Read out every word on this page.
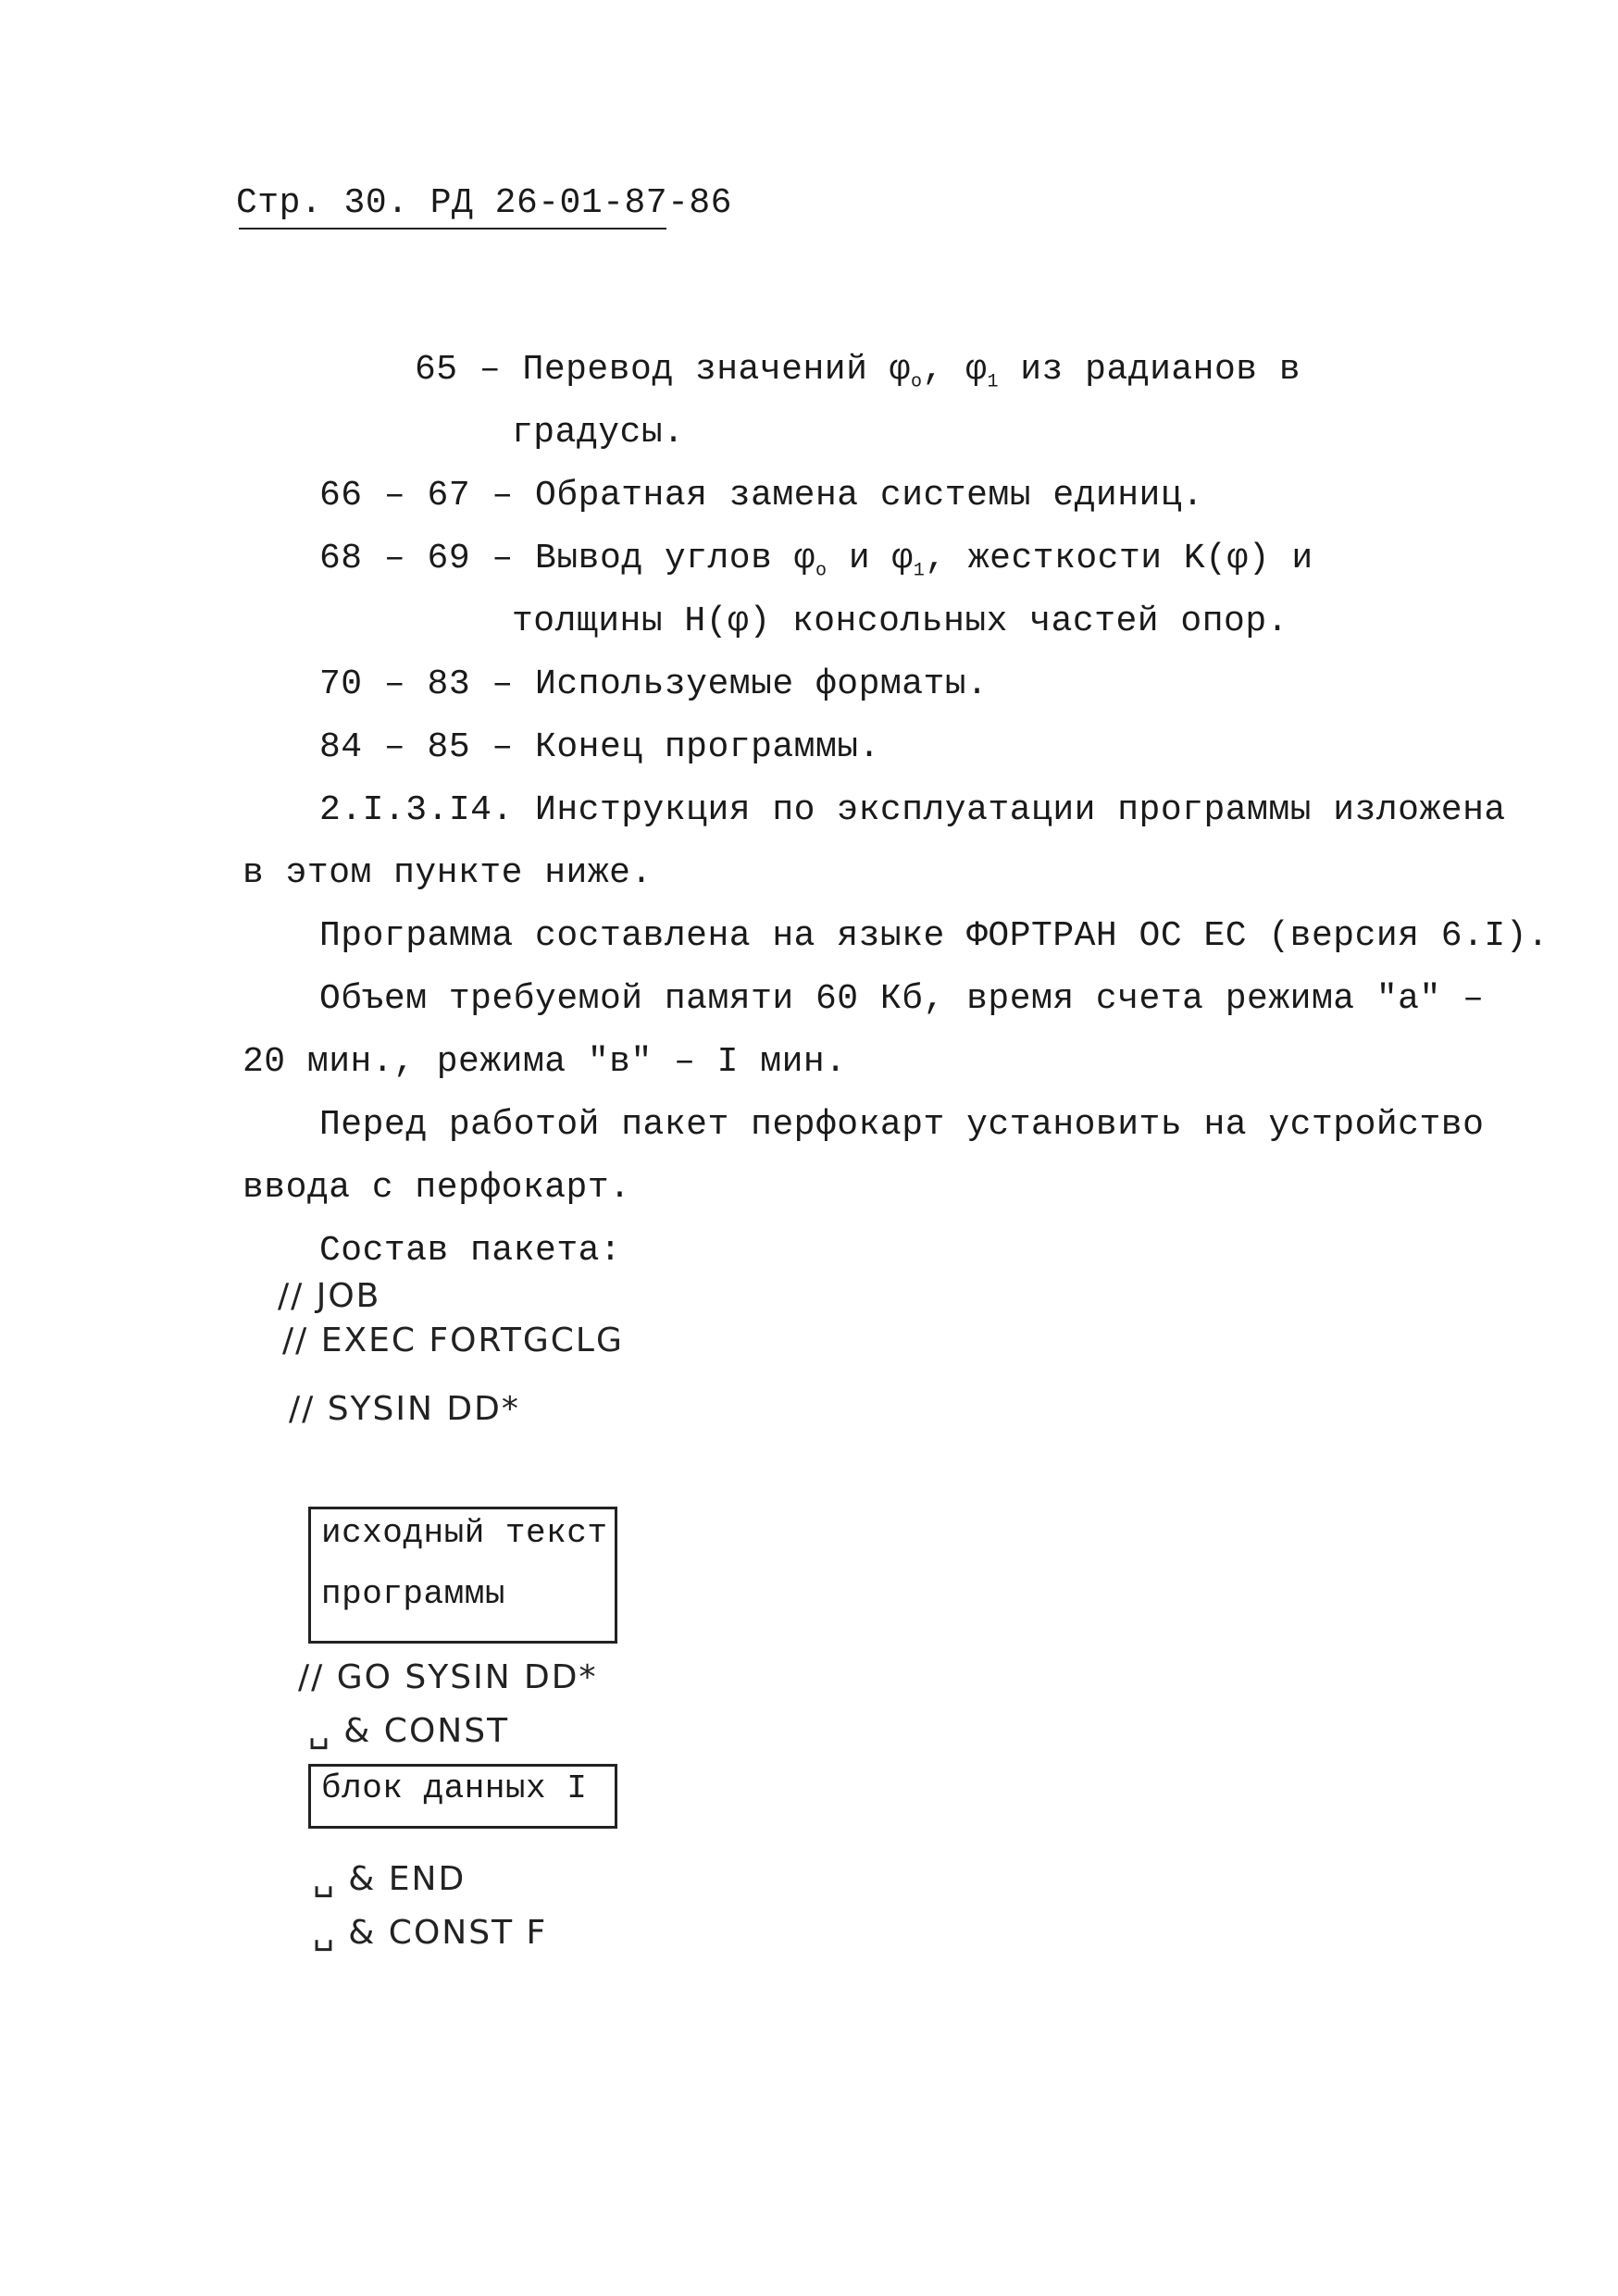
Стр. 30. РД 26-01-87-86
65 – Перевод значений $\varphi_o$, $\varphi_1$ из радианов в
градусы.
66 – 67 – Обратная замена системы единиц.
68 – 69 – Вывод углов $\varphi_o$ и $\varphi_1$, жесткости K(φ) и
толщины H(φ) консольных частей опор.
70 – 83 – Используемые форматы.
84 – 85 – Конец программы.
2.I.3.I4. Инструкция по эксплуатации программы изложена
в этом пункте ниже.
Программа составлена на языке ФОРТРАН ОС ЕС (версия 6.I).
Объем требуемой памяти 60 Кб, время счета режима "а" –
20 мин., режима "в" – I мин.
Перед работой пакет перфокарт установить на устройство
ввода с перфокарт.
Состав пакета:
// JOB
// EXEC FORTGCLG
// SYSIN DD*
исходный текст
программы
// GO SYSIN DD*
␣ & CONST
блок данных I
␣ & END
␣ & CONST F
